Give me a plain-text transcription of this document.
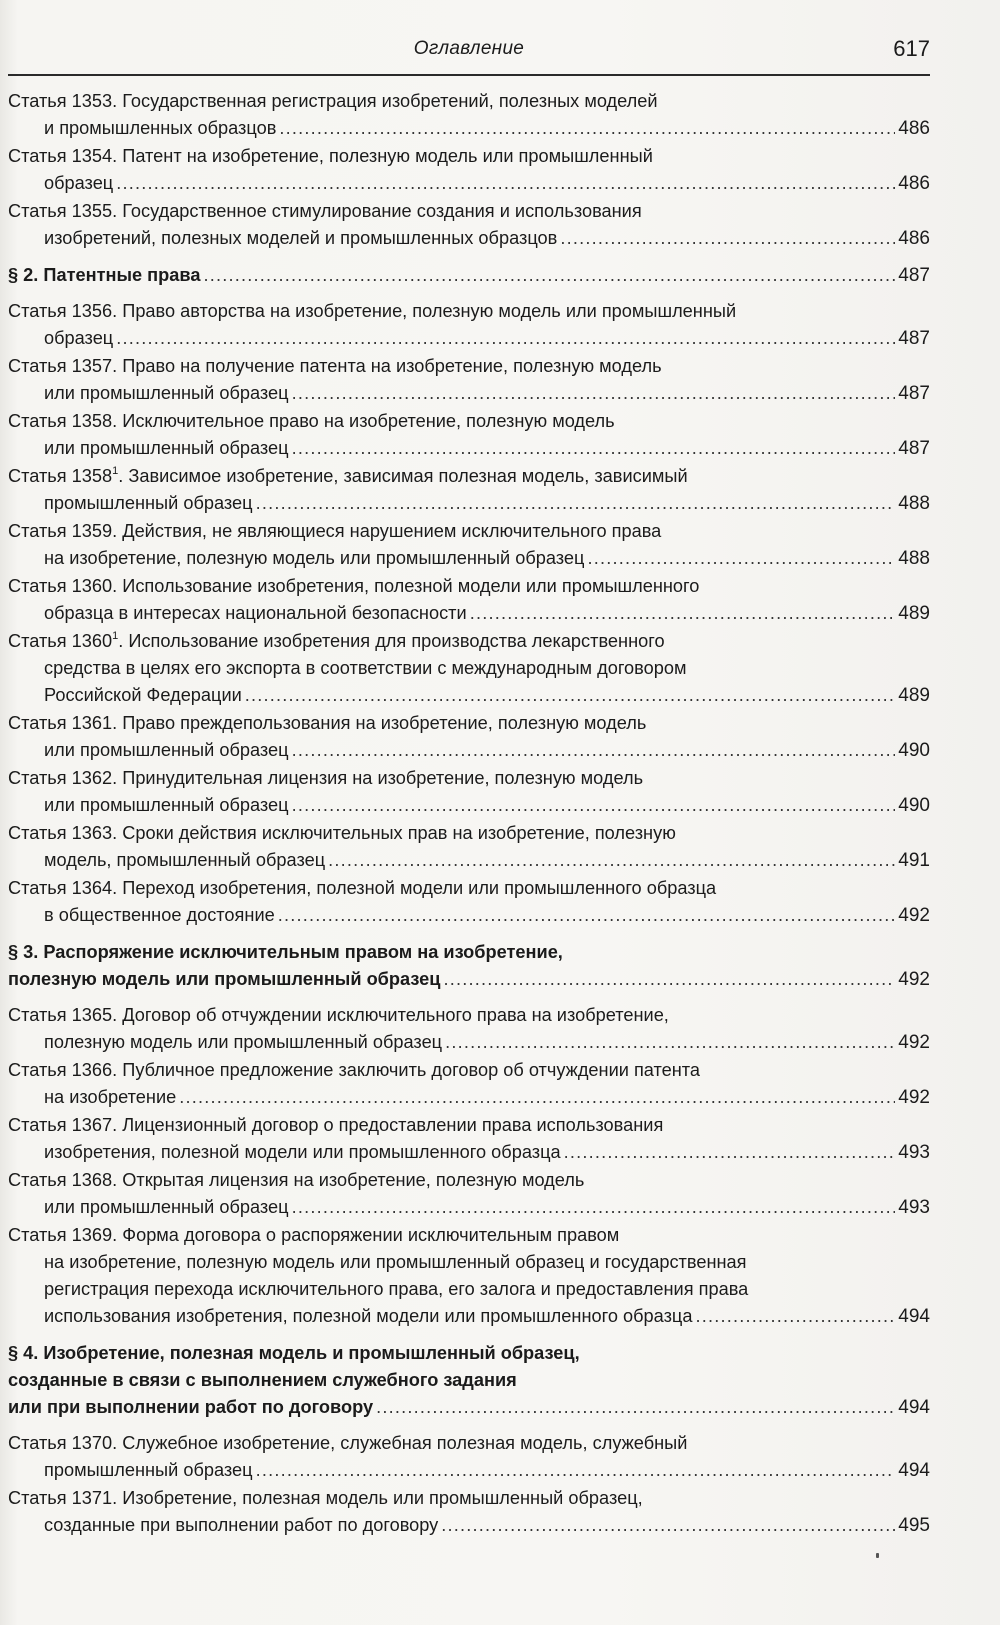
Оглавление	617
Статья 1353. Государственная регистрация изобретений, полезных моделей
и промышленных образцов .....	486
Статья 1354. Патент на изобретение, полезную модель или промышленный
образец .....	486
Статья 1355. Государственное стимулирование создания и использования
изобретений, полезных моделей и промышленных образцов .....	486
§ 2. Патентные права .....	487
Статья 1356. Право авторства на изобретение, полезную модель или промышленный
образец .....	487
Статья 1357. Право на получение патента на изобретение, полезную модель
или промышленный образец .....	487
Статья 1358. Исключительное право на изобретение, полезную модель
или промышленный образец .....	487
Статья 1358$^1$. Зависимое изобретение, зависимая полезная модель, зависимый
промышленный образец .....	488
Статья 1359. Действия, не являющиеся нарушением исключительного права
на изобретение, полезную модель или промышленный образец .....	488
Статья 1360. Использование изобретения, полезной модели или промышленного
образца в интересах национальной безопасности .....	489
Статья 1360$^1$. Использование изобретения для производства лекарственного
средства в целях его экспорта в соответствии с международным договором
Российской Федерации .....	489
Статья 1361. Право преждепользования на изобретение, полезную модель
или промышленный образец .....	490
Статья 1362. Принудительная лицензия на изобретение, полезную модель
или промышленный образец .....	490
Статья 1363. Сроки действия исключительных прав на изобретение, полезную
модель, промышленный образец .....	491
Статья 1364. Переход изобретения, полезной модели или промышленного образца
в общественное достояние .....	492
§ 3. Распоряжение исключительным правом на изобретение,
полезную модель или промышленный образец .....	492
Статья 1365. Договор об отчуждении исключительного права на изобретение,
полезную модель или промышленный образец .....	492
Статья 1366. Публичное предложение заключить договор об отчуждении патента
на изобретение .....	492
Статья 1367. Лицензионный договор о предоставлении права использования
изобретения, полезной модели или промышленного образца .....	493
Статья 1368. Открытая лицензия на изобретение, полезную модель
или промышленный образец .....	493
Статья 1369. Форма договора о распоряжении исключительным правом
на изобретение, полезную модель или промышленный образец и государственная
регистрация перехода исключительного права, его залога и предоставления права
использования изобретения, полезной модели или промышленного образца .....	494
§ 4. Изобретение, полезная модель и промышленный образец,
созданные в связи с выполнением служебного задания
или при выполнении работ по договору .....	494
Статья 1370. Служебное изобретение, служебная полезная модель, служебный
промышленный образец .....	494
Статья 1371. Изобретение, полезная модель или промышленный образец,
созданные при выполнении работ по договору .....	495
